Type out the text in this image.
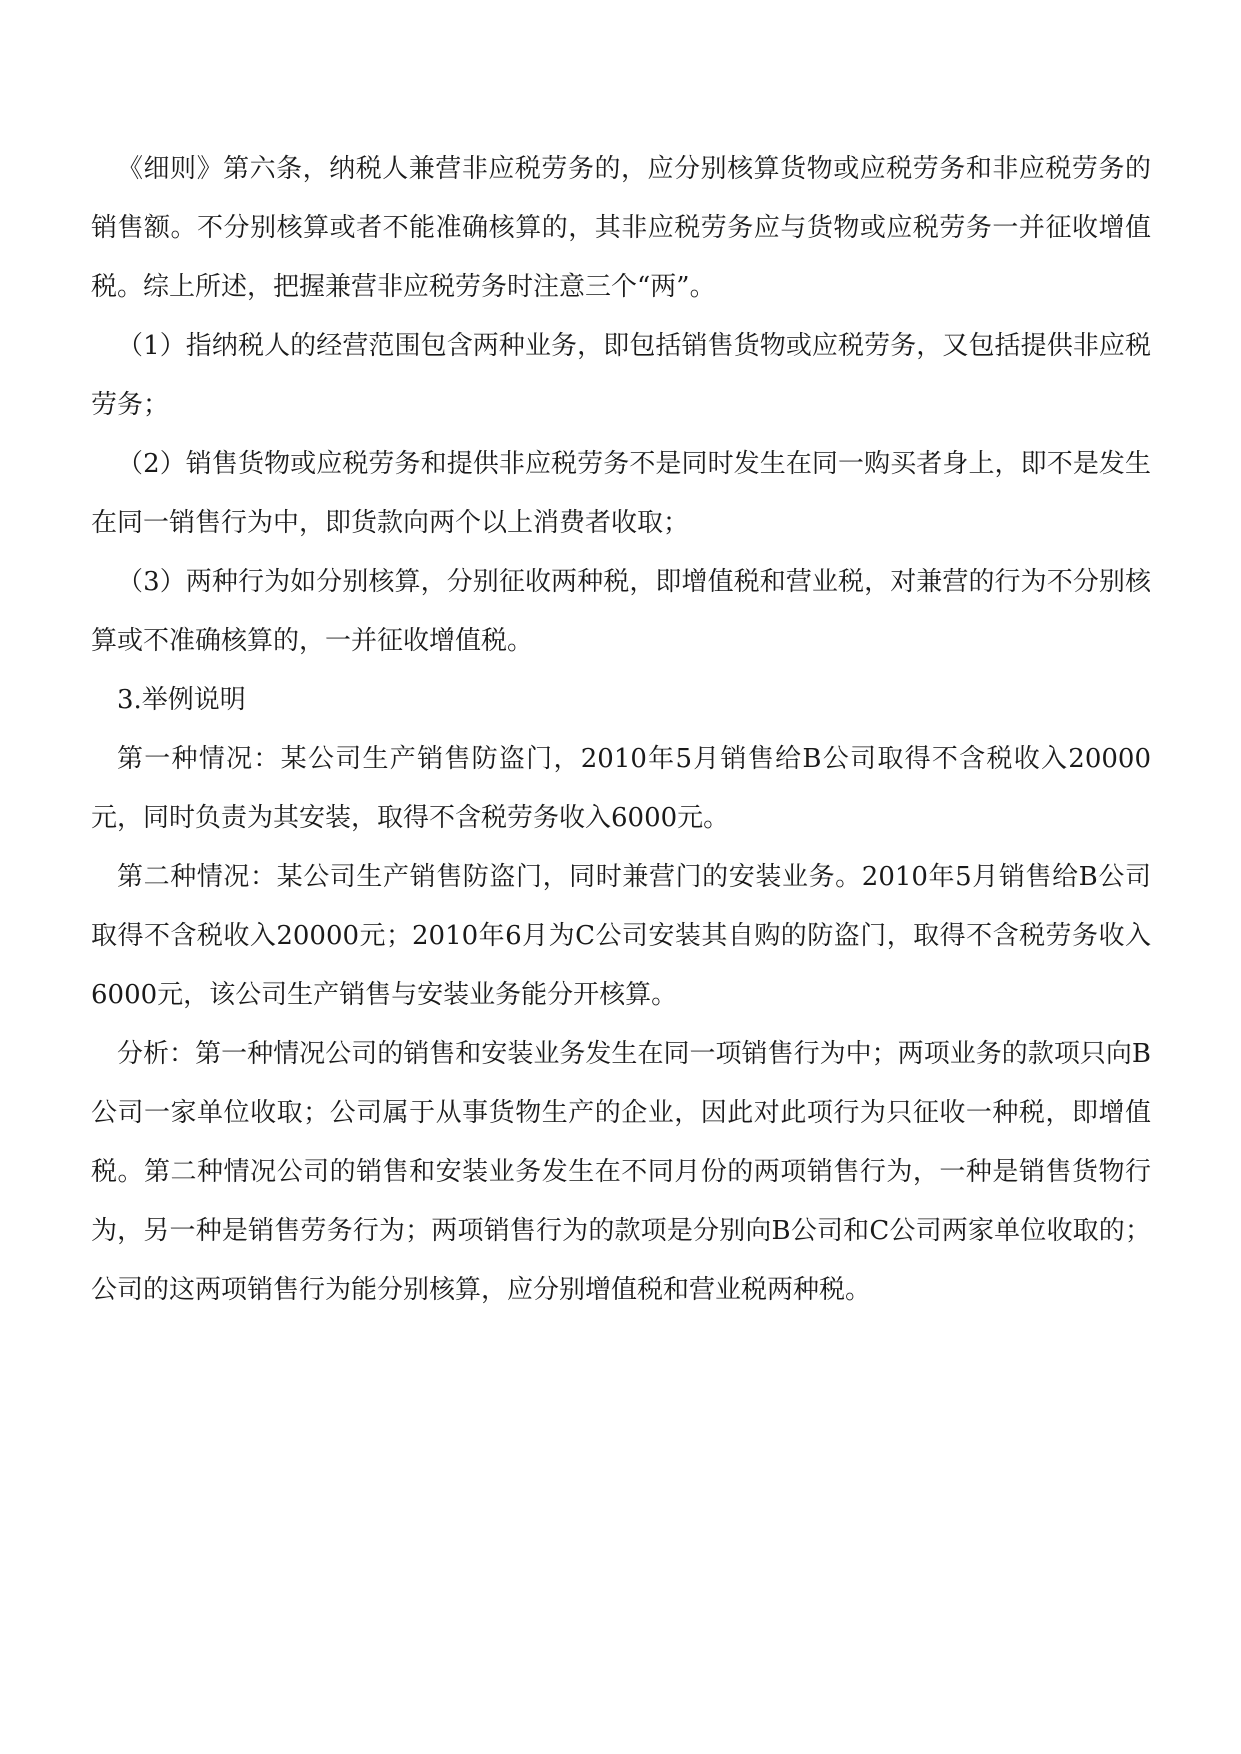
《细则》第六条，纳税人兼营非应税劳务的，应分别核算货物或应税劳务和非应税劳务的销售额。不分别核算或者不能准确核算的，其非应税劳务应与货物或应税劳务一并征收增值税。综上所述，把握兼营非应税劳务时注意三个“两”。

（1）指纳税人的经营范围包含两种业务，即包括销售货物或应税劳务，又包括提供非应税劳务；

（2）销售货物或应税劳务和提供非应税劳务不是同时发生在同一购买者身上，即不是发生在同一销售行为中，即货款向两个以上消费者收取；

（3）两种行为如分别核算，分别征收两种税，即增值税和营业税，对兼营的行为不分别核算或不准确核算的，一并征收增值税。

3.举例说明

第一种情况：某公司生产销售防盗门，2010年5月销售给B公司取得不含税收入20000元，同时负责为其安装，取得不含税劳务收入6000元。

第二种情况：某公司生产销售防盗门，同时兼营门的安装业务。2010年5月销售给B公司取得不含税收入20000元；2010年6月为C公司安装其自购的防盗门，取得不含税劳务收入6000元，该公司生产销售与安装业务能分开核算。

分析：第一种情况公司的销售和安装业务发生在同一项销售行为中；两项业务的款项只向B公司一家单位收取；公司属于从事货物生产的企业，因此对此项行为只征收一种税，即增值税。第二种情况公司的销售和安装业务发生在不同月份的两项销售行为，一种是销售货物行为，另一种是销售劳务行为；两项销售行为的款项是分别向B公司和C公司两家单位收取的；公司的这两项销售行为能分别核算，应分别增值税和营业税两种税。
